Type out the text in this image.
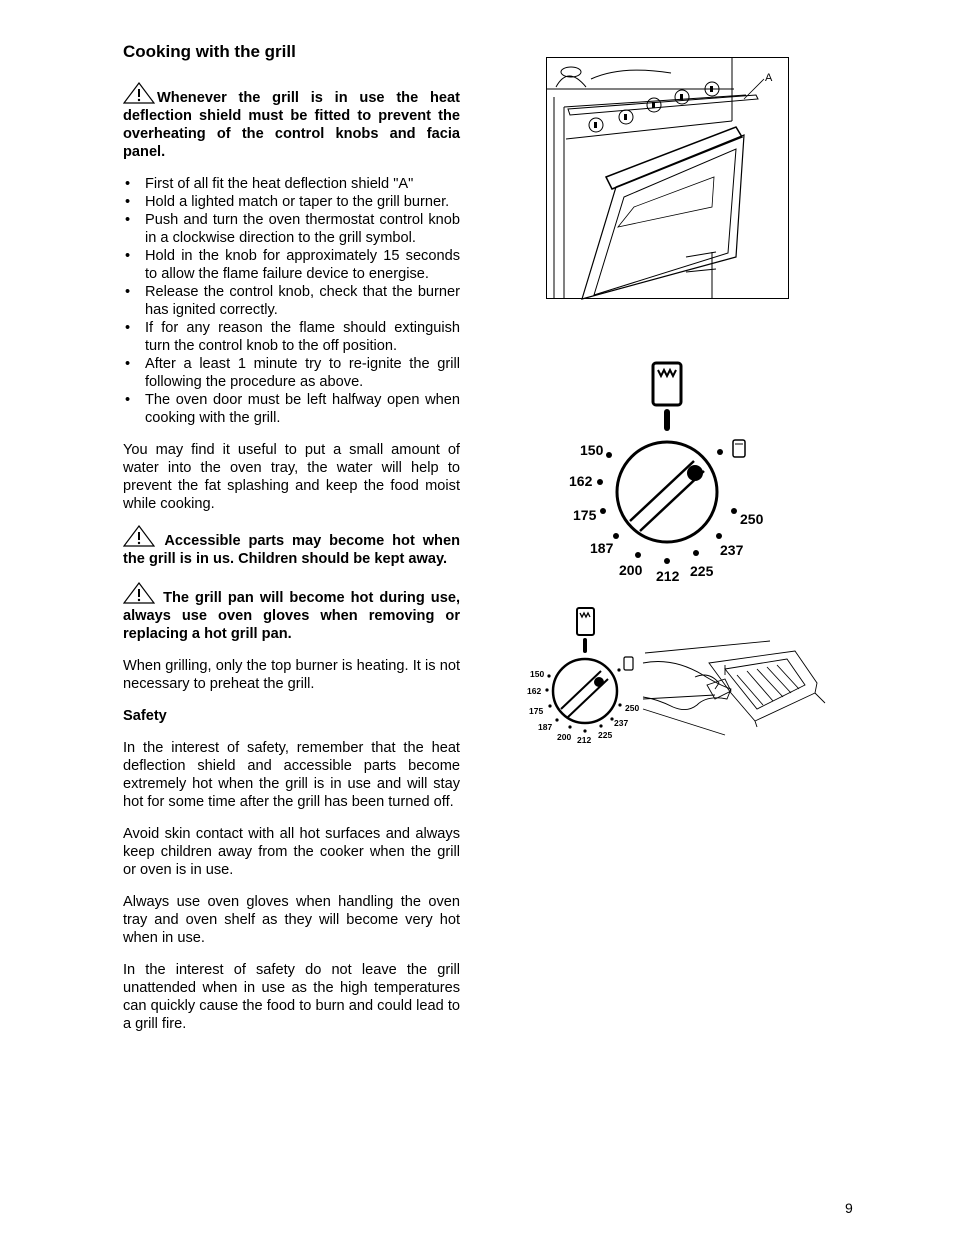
Cooking with the grill
Whenever the grill is in use the heat deflection shield must be fitted to prevent the overheating of the control knobs and facia panel.
• First of all fit the heat deflection shield "A"
• Hold a lighted match or taper to the grill burner.
• Push and turn the oven thermostat control knob in a clockwise direction to the grill symbol.
• Hold in the knob for approximately 15 seconds to allow the flame failure device to energise.
• Release the control knob, check that the burner has ignited correctly.
• If for any reason the flame should extinguish turn the control knob to the off position.
• After a least 1 minute try to re-ignite the grill following the procedure as above.
• The oven door must be left halfway open when cooking with the grill.

You may find it useful to put a small amount of water into the oven tray, the water will help to prevent the fat splashing and keep the food moist while cooking.

Accessible parts may become hot when the grill is in us. Children should be kept away.
The grill pan will become hot during use, always use oven gloves when removing or replacing a hot grill pan.

When grilling, only the top burner is heating. It is not necessary to preheat the grill.

Safety

In the interest of safety, remember that the heat deflection shield and accessible parts become extremely hot when the grill is in use and will stay hot for some time after the grill has been turned off.

Avoid skin contact with all hot surfaces and always keep children away from the cooker when the grill or oven is in use.

Always use oven gloves when handling the oven tray and oven shelf as they will become very hot when in use.

In the interest of safety do not leave the grill unattended when in use as the high temperatures can quickly cause the food to burn and could lead to a grill fire.

A
150
162
175
187
200 212 225
237
250
150
162
175
187
200 212 225
237
250
9
